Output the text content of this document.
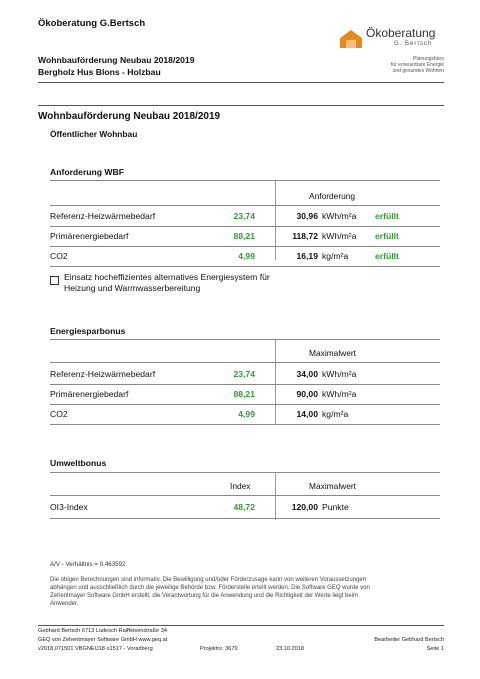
Ökoberatung G.Bertsch
Wohnbauförderung Neubau 2018/2019
Bergholz Hus Blons - Holzbau
Ökoberatung
G. Bertsch
Planungsbüro
für erneuerbare Energie
und gesundes Wohnen
Wohnbauförderung Neubau 2018/2019
Öffentlicher Wohnbau
Anforderung WBF
Anforderung
Referenz-Heizwärmebedarf	23,74	30,96 kWh/m²a erfüllt
Primärenergiebedarf	88,21	118,72 kWh/m²a erfüllt
CO2	4,99	16,19 kg/m²a	erfüllt
Einsatz hocheffizientes alternatives Energiesystem für
Heizung und Warmwasserbereitung
Energiesparbonus
Maximalwert
Referenz-Heizwärmebedarf	23,74	34,00 kWh/m²a
Primärenergiebedarf	88,21	90,00 kWh/m²a
CO2	4,99	14,00 kg/m²a
Umweltbonus
Index	Maximalwert
OI3-Index	48,72	120,00 Punkte
A/V - Verhältnis = 0,463592
Die obigen Berechnungen sind informativ. Die Bewilligung und/oder Förderzusage kann von weiteren Voraussetzungen
abhängen und ausschließlich durch die jeweilige Behörde bzw. Förderstelle erteilt werden. Die Software GEQ wurde von
Zehentmayer Software GmbH erstellt, die Verantwortung für die Anwendung und die Richtigkeit der Werte liegt beim
Anwender.
Gebhard Bertsch 6713 Ludesch Raiffeisenstraße 34
GEQ von Zehentmayer Software GmbH www.geq.at
v2018,071501 VBGNEU18 o1517 - Vorarlberg	Projektnr. 3670	23.10.2018
Bearbeiter Gebhard Bertsch
Seite 1
